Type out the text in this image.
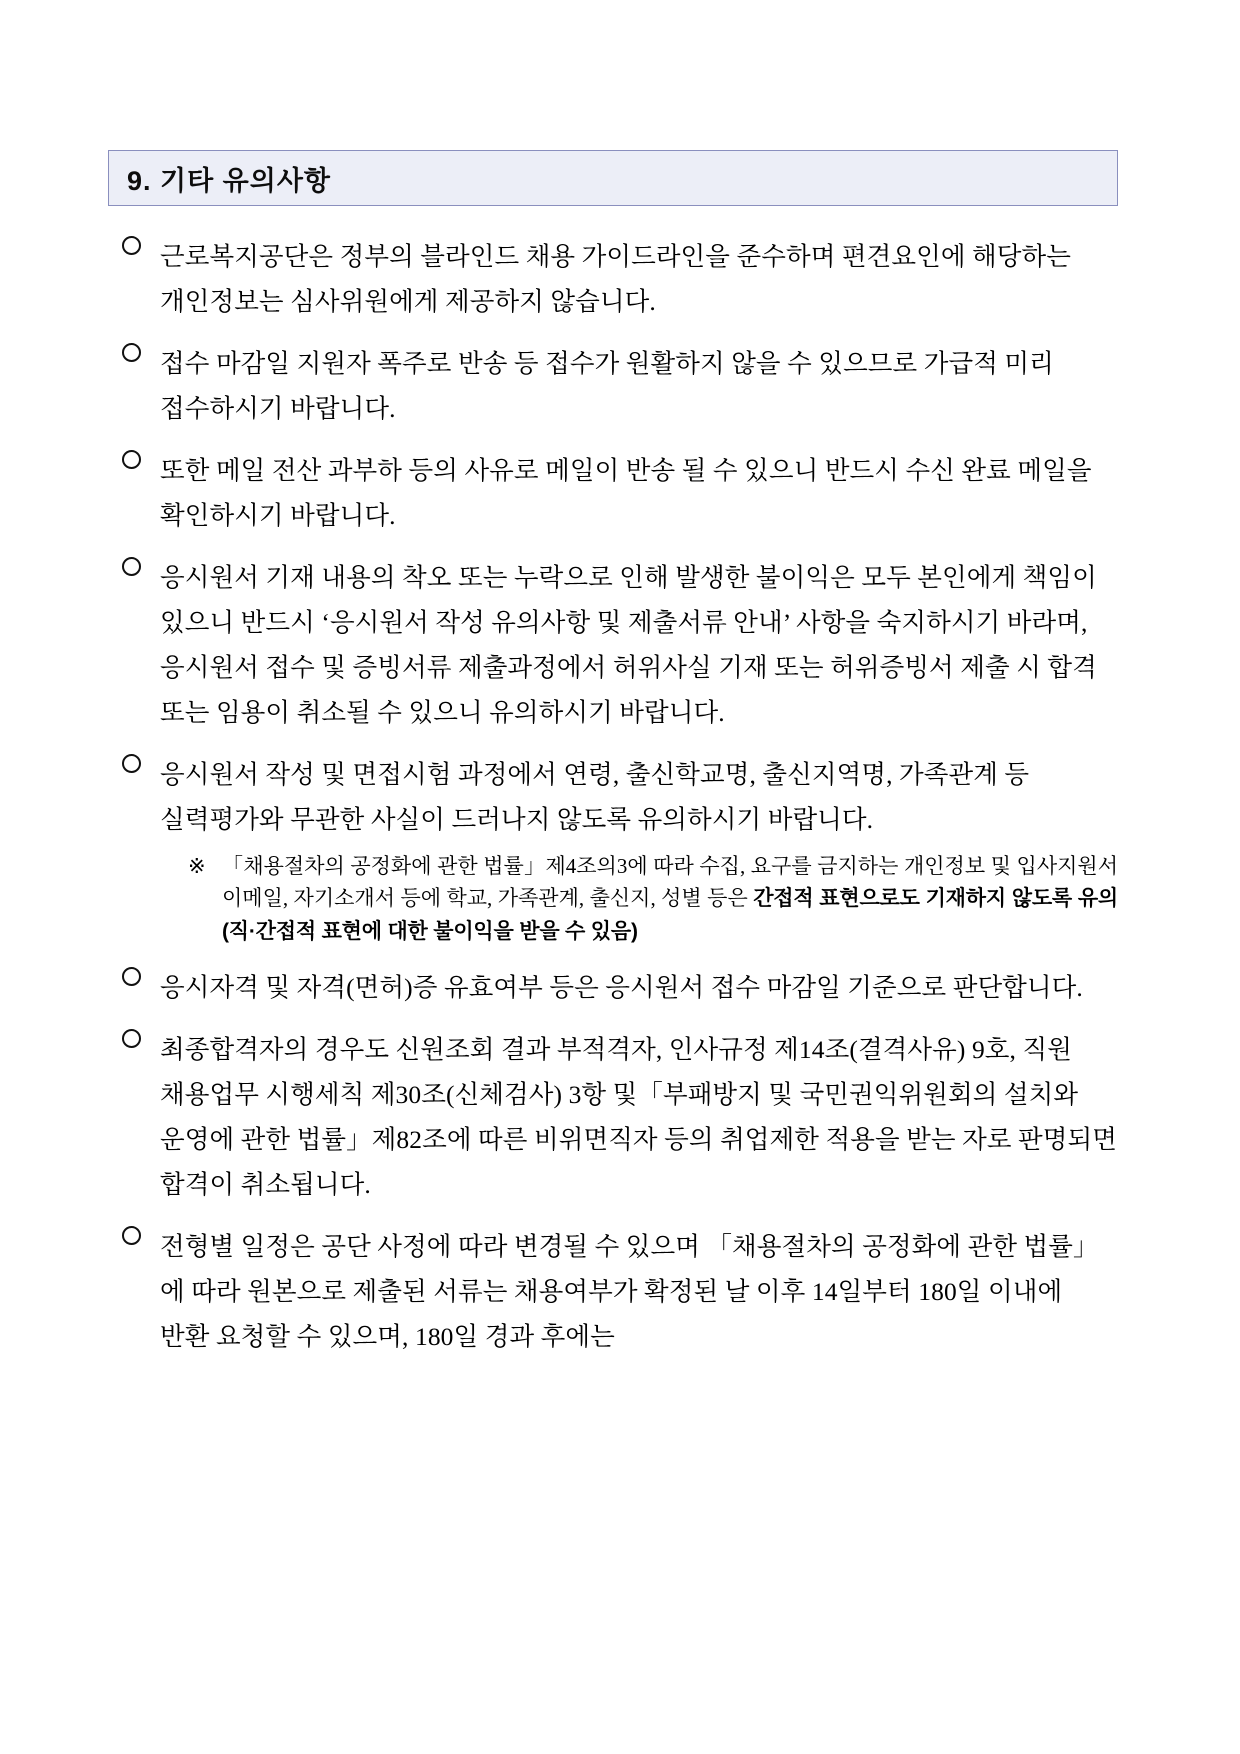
9. 기타 유의사항
근로복지공단은 정부의 블라인드 채용 가이드라인을 준수하며 편견요인에 해당하는 개인정보는 심사위원에게 제공하지 않습니다.
접수 마감일 지원자 폭주로 반송 등 접수가 원활하지 않을 수 있으므로 가급적 미리 접수하시기 바랍니다.
또한 메일 전산 과부하 등의 사유로 메일이 반송 될 수 있으니 반드시 수신 완료 메일을 확인하시기 바랍니다.
응시원서 기재 내용의 착오 또는 누락으로 인해 발생한 불이익은 모두 본인에게 책임이 있으니 반드시 ‘응시원서 작성 유의사항 및 제출서류 안내’ 사항을 숙지하시기 바라며, 응시원서 접수 및 증빙서류 제출과정에서 허위사실 기재 또는 허위증빙서 제출 시 합격 또는 임용이 취소될 수 있으니 유의하시기 바랍니다.
응시원서 작성 및 면접시험 과정에서 연령, 출신학교명, 출신지역명, 가족관계 등 실력평가와 무관한 사실이 드러나지 않도록 유의하시기 바랍니다.
※ 「채용절차의 공정화에 관한 법률」제4조의3에 따라 수집, 요구를 금지하는 개인정보 및 입사지원서 이메일, 자기소개서 등에 학교, 가족관계, 출신지, 성별 등은 간접적 표현으로도 기재하지 않도록 유의 (직·간접적 표현에 대한 불이익을 받을 수 있음)
응시자격 및 자격(면허)증 유효여부 등은 응시원서 접수 마감일 기준으로 판단합니다.
최종합격자의 경우도 신원조회 결과 부적격자, 인사규정 제14조(결격사유) 9호, 직원 채용업무 시행세칙 제30조(신체검사) 3항 및「부패방지 및 국민권익위원회의 설치와 운영에 관한 법률」제82조에 따른 비위면직자 등의 취업제한 적용을 받는 자로 판명되면 합격이 취소됩니다.
전형별 일정은 공단 사정에 따라 변경될 수 있으며 「채용절차의 공정화에 관한 법률」에 따라 원본으로 제출된 서류는 채용여부가 확정된 날 이후 14일부터 180일 이내에 반환 요청할 수 있으며, 180일 경과 후에는
